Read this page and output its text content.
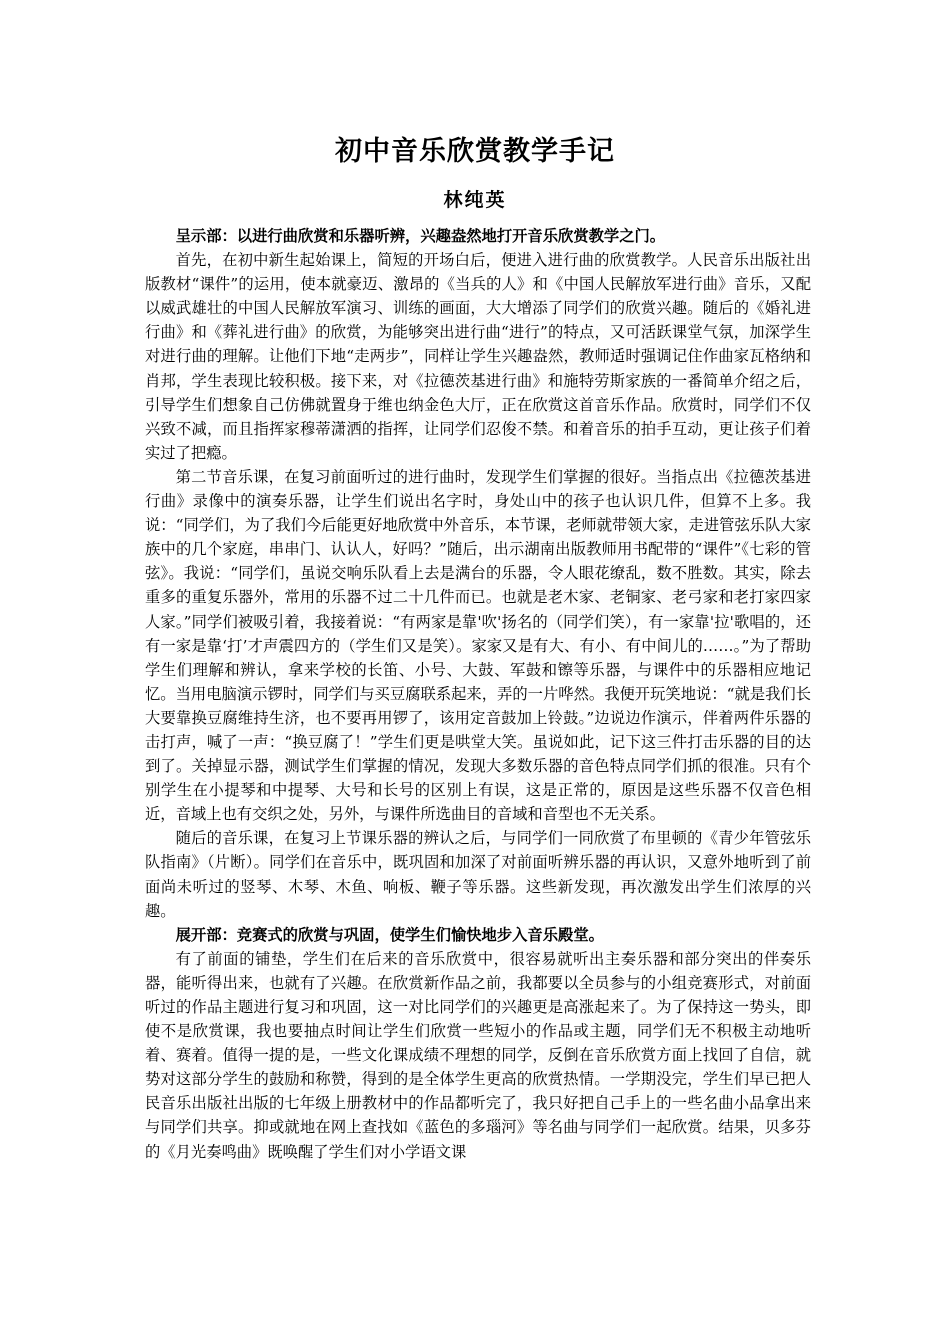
初中音乐欣赏教学手记
林纯英

呈示部：以进行曲欣赏和乐器听辨，兴趣盎然地打开音乐欣赏教学之门。

首先，在初中新生起始课上，简短的开场白后，便进入进行曲的欣赏教学。人民音乐出版社出版教材“课件”的运用，使本就豪迈、激昂的《当兵的人》和《中国人民解放军进行曲》音乐，又配以威武雄壮的中国人民解放军演习、训练的画面，大大增添了同学们的欣赏兴趣。随后的《婚礼进行曲》和《葬礼进行曲》的欣赏，为能够突出进行曲“进行”的特点，又可活跃课堂气氛，加深学生对进行曲的理解。让他们下地“走两步”，同样让学生兴趣盎然，教师适时强调记住作曲家瓦格纳和肖邦，学生表现比较积极。接下来，对《拉德茨基进行曲》和施特劳斯家族的一番简单介绍之后，引导学生们想象自己仿佛就置身于维也纳金色大厅，正在欣赏这首音乐作品。欣赏时，同学们不仅兴致不减，而且指挥家穆蒂潇洒的指挥，让同学们忍俊不禁。和着音乐的拍手互动，更让孩子们着实过了把瘾。

第二节音乐课，在复习前面听过的进行曲时，发现学生们掌握的很好。当指点出《拉德茨基进行曲》录像中的演奏乐器，让学生们说出名字时，身处山中的孩子也认识几件，但算不上多。我说：“同学们，为了我们今后能更好地欣赏中外音乐，本节课，老师就带领大家，走进管弦乐队大家族中的几个家庭，串串门、认认人，好吗？”随后，出示湖南出版教师用书配带的“课件”《七彩的管弦》。我说：“同学们，虽说交响乐队看上去是满台的乐器，令人眼花缭乱，数不胜数。其实，除去重多的重复乐器外，常用的乐器不过二十几件而已。也就是老木家、老铜家、老弓家和老打家四家人家。”同学们被吸引着，我接着说：“有两家是靠'吹'扬名的（同学们笑），有一家靠'拉'歌唱的，还有一家是靠‘打’才声震四方的（学生们又是笑）。家家又是有大、有小、有中间儿的……。”为了帮助学生们理解和辨认，拿来学校的长笛、小号、大鼓、军鼓和镲等乐器，与课件中的乐器相应地记忆。当用电脑演示锣时，同学们与买豆腐联系起来，弄的一片哗然。我便开玩笑地说：“就是我们长大要靠换豆腐维持生济，也不要再用锣了，该用定音鼓加上铃鼓。”边说边作演示，伴着两件乐器的击打声，喊了一声：“换豆腐了！”学生们更是哄堂大笑。虽说如此，记下这三件打击乐器的目的达到了。关掉显示器，测试学生们掌握的情况，发现大多数乐器的音色特点同学们抓的很准。只有个别学生在小提琴和中提琴、大号和长号的区别上有误，这是正常的，原因是这些乐器不仅音色相近，音域上也有交织之处，另外，与课件所选曲目的音域和音型也不无关系。

随后的音乐课，在复习上节课乐器的辨认之后，与同学们一同欣赏了布里顿的《青少年管弦乐队指南》（片断）。同学们在音乐中，既巩固和加深了对前面听辨乐器的再认识，又意外地听到了前面尚未听过的竖琴、木琴、木鱼、响板、鞭子等乐器。这些新发现，再次激发出学生们浓厚的兴趣。

展开部：竞赛式的欣赏与巩固，使学生们愉快地步入音乐殿堂。

有了前面的铺垫，学生们在后来的音乐欣赏中，很容易就听出主奏乐器和部分突出的伴奏乐器，能听得出来，也就有了兴趣。在欣赏新作品之前，我都要以全员参与的小组竞赛形式，对前面听过的作品主题进行复习和巩固，这一对比同学们的兴趣更是高涨起来了。为了保持这一势头，即使不是欣赏课，我也要抽点时间让学生们欣赏一些短小的作品或主题，同学们无不积极主动地听着、赛着。值得一提的是，一些文化课成绩不理想的同学，反倒在音乐欣赏方面上找回了自信，就势对这部分学生的鼓励和称赞，得到的是全体学生更高的欣赏热情。一学期没完，学生们早已把人民音乐出版社出版的七年级上册教材中的作品都听完了，我只好把自己手上的一些名曲小品拿出来与同学们共享。抑或就地在网上查找如《蓝色的多瑙河》等名曲与同学们一起欣赏。结果，贝多芬的《月光奏鸣曲》既唤醒了学生们对小学语文课
